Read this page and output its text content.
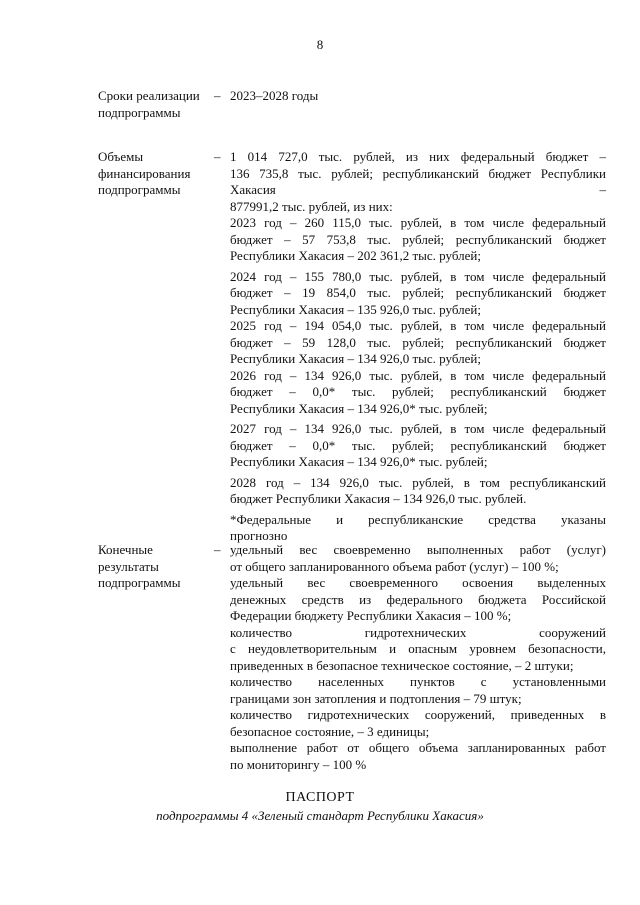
8
Сроки реализации
подпрограммы
– 2023–2028 годы
Объемы
финансирования
подпрограммы
– 1 014 727,0 тыс. рублей, из них федеральный бюджет –
136 735,8 тыс. рублей; республиканский бюджет Республики
Хакасия –
877991,2 тыс. рублей, из них:
2023 год – 260 115,0 тыс. рублей, в том числе федеральный
бюджет – 57 753,8 тыс. рублей; республиканский бюджет
Республики Хакасия – 202 361,2 тыс. рублей;
2024 год – 155 780,0 тыс. рублей, в том числе федеральный
бюджет – 19 854,0 тыс. рублей; республиканский бюджет
Республики Хакасия – 135 926,0 тыс. рублей;
2025 год – 194 054,0 тыс. рублей, в том числе федеральный
бюджет – 59 128,0 тыс. рублей; республиканский бюджет
Республики Хакасия – 134 926,0 тыс. рублей;
2026 год – 134 926,0 тыс. рублей, в том числе федеральный
бюджет – 0,0* тыс. рублей; республиканский бюджет
Республики Хакасия – 134 926,0* тыс. рублей;
2027 год – 134 926,0 тыс. рублей, в том числе федеральный
бюджет – 0,0* тыс. рублей; республиканский бюджет
Республики Хакасия – 134 926,0* тыс. рублей;
2028 год – 134 926,0 тыс. рублей, в том республиканский
бюджет Республики Хакасия – 134 926,0 тыс. рублей.
*Федеральные и республиканские средства указаны
прогнозно
Конечные
результаты
подпрограммы
– удельный вес своевременно выполненных работ (услуг)
от общего запланированного объема работ (услуг) – 100 %;
удельный вес своевременного освоения выделенных
денежных средств из федерального бюджета Российской
Федерации бюджету Республики Хакасия – 100 %;
количество гидротехнических сооружений
с неудовлетворительным и опасным уровнем безопасности,
приведенных в безопасное техническое состояние, – 2 штуки;
количество населенных пунктов с установленными
границами зон затопления и подтопления – 79 штук;
количество гидротехнических сооружений, приведенных в
безопасное состояние, – 3 единицы;
выполнение работ от общего объема запланированных работ
по мониторингу – 100 %
ПАСПОРТ
подпрограммы 4 «Зеленый стандарт Республики Хакасия»
